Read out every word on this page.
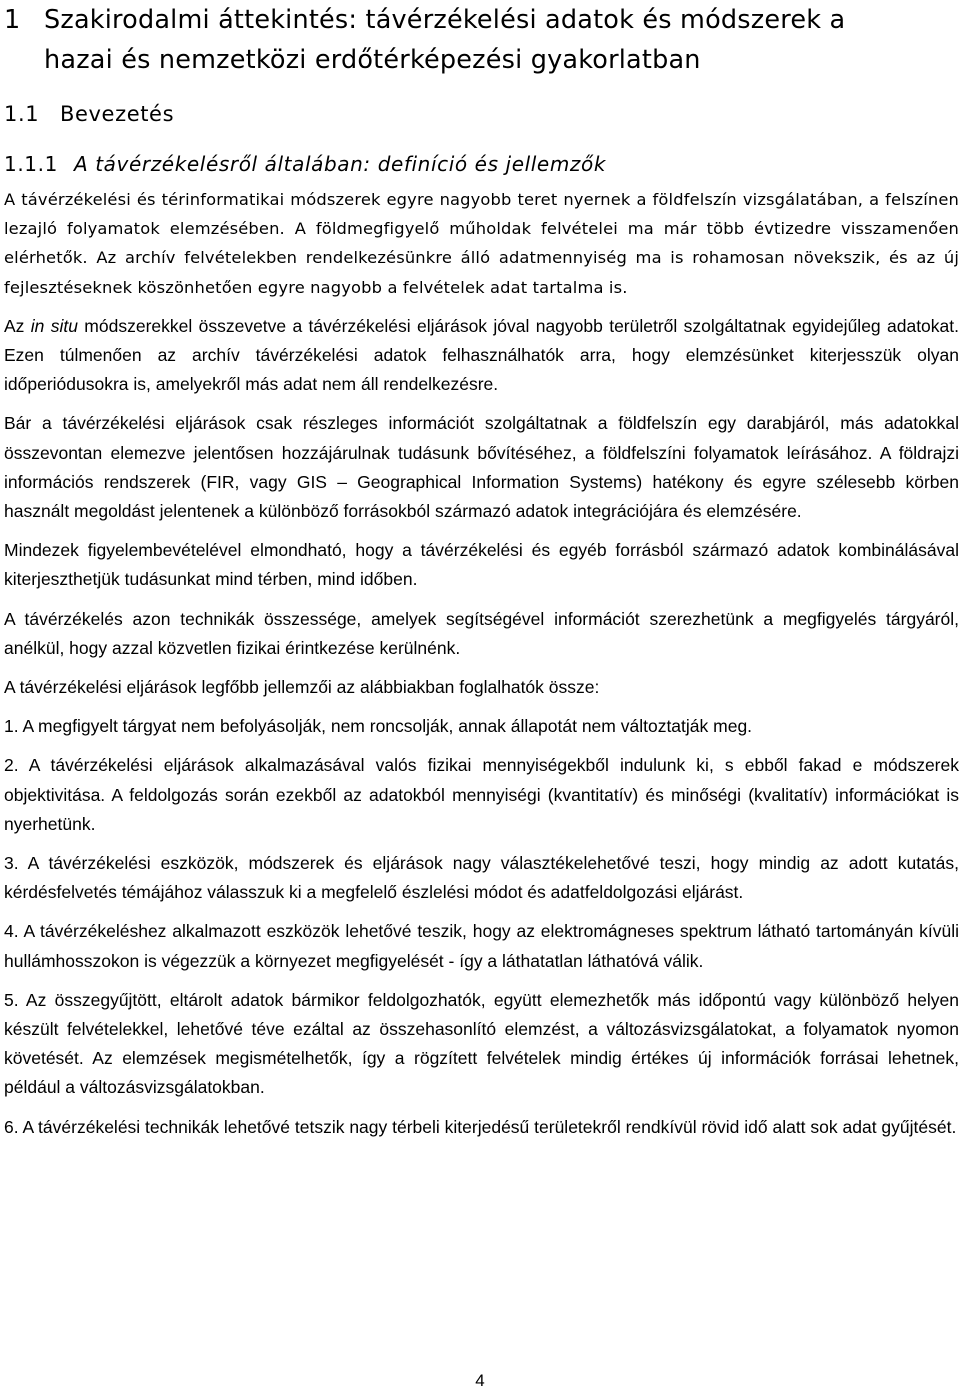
1 Szakirodalmi áttekintés: távérzékelési adatok és módszerek a
hazai és nemzetközi erdőtérképezési gyakorlatban
1.1 Bevezetés
1.1.1 A távérzékelésről általában: definíció és jellemzők

A távérzékelési és térinformatikai módszerek egyre nagyobb teret nyernek a földfelszín vizsgálatában, a felszínen lezajló folyamatok elemzésében. A földmegfigyelő műholdak felvételei ma már több évtizedre visszamenően elérhetők. Az archív felvételekben rendelkezésünkre álló adatmennyiség ma is rohamosan növekszik, és az új fejlesztéseknek köszönhetően egyre nagyobb a felvételek adat tartalma is.

Az in situ módszerekkel összevetve a távérzékelési eljárások jóval nagyobb területről szolgáltatnak egyidejűleg adatokat. Ezen túlmenően az archív távérzékelési adatok felhasználhatók arra, hogy elemzésünket kiterjesszük olyan időperiódusokra is, amelyekről más adat nem áll rendelkezésre.

Bár a távérzékelési eljárások csak részleges információt szolgáltatnak a földfelszín egy darabjáról, más adatokkal összevontan elemezve jelentősen hozzájárulnak tudásunk bővítéséhez, a földfelszíni folyamatok leírásához. A földrajzi információs rendszerek (FIR, vagy GIS – Geographical Information Systems) hatékony és egyre szélesebb körben használt megoldást jelentenek a különböző forrásokból származó adatok integrációjára és elemzésére.

Mindezek figyelembevételével elmondható, hogy a távérzékelési és egyéb forrásból származó adatok kombinálásával kiterjeszthetjük tudásunkat mind térben, mind időben.

A távérzékelés azon technikák összessége, amelyek segítségével információt szerezhetünk a megfigyelés tárgyáról, anélkül, hogy azzal közvetlen fizikai érintkezése kerülnénk.

A távérzékelési eljárások legfőbb jellemzői az alábbiakban foglalhatók össze:

1. A megfigyelt tárgyat nem befolyásolják, nem roncsolják, annak állapotát nem változtatják meg.

2. A távérzékelési eljárások alkalmazásával valós fizikai mennyiségekből indulunk ki, s ebből fakad e módszerek objektivitása. A feldolgozás során ezekből az adatokból mennyiségi (kvantitatív) és minőségi (kvalitatív) információkat is nyerhetünk.

3. A távérzékelési eszközök, módszerek és eljárások nagy választékelehetővé teszi, hogy mindig az adott kutatás, kérdésfelvetés témájához válasszuk ki a megfelelő észlelési módot és adatfeldolgozási eljárást.

4. A távérzékeléshez alkalmazott eszközök lehetővé teszik, hogy az elektromágneses spektrum látható tartományán kívüli hullámhosszokon is végezzük a környezet megfigyelését - így a láthatatlan láthatóvá válik.

5. Az összegyűjtött, eltárolt adatok bármikor feldolgozhatók, együtt elemezhetők más időpontú vagy különböző helyen készült felvételekkel, lehetővé téve ezáltal az összehasonlító elemzést, a változásvizsgálatokat, a folyamatok nyomon követését. Az elemzések megismételhetők, így a rögzített felvételek mindig értékes új információk forrásai lehetnek, például a változásvizsgálatokban.

6. A távérzékelési technikák lehetővé tetszik nagy térbeli kiterjedésű területekről rendkívül rövid idő alatt sok adat gyűjtését.

4
